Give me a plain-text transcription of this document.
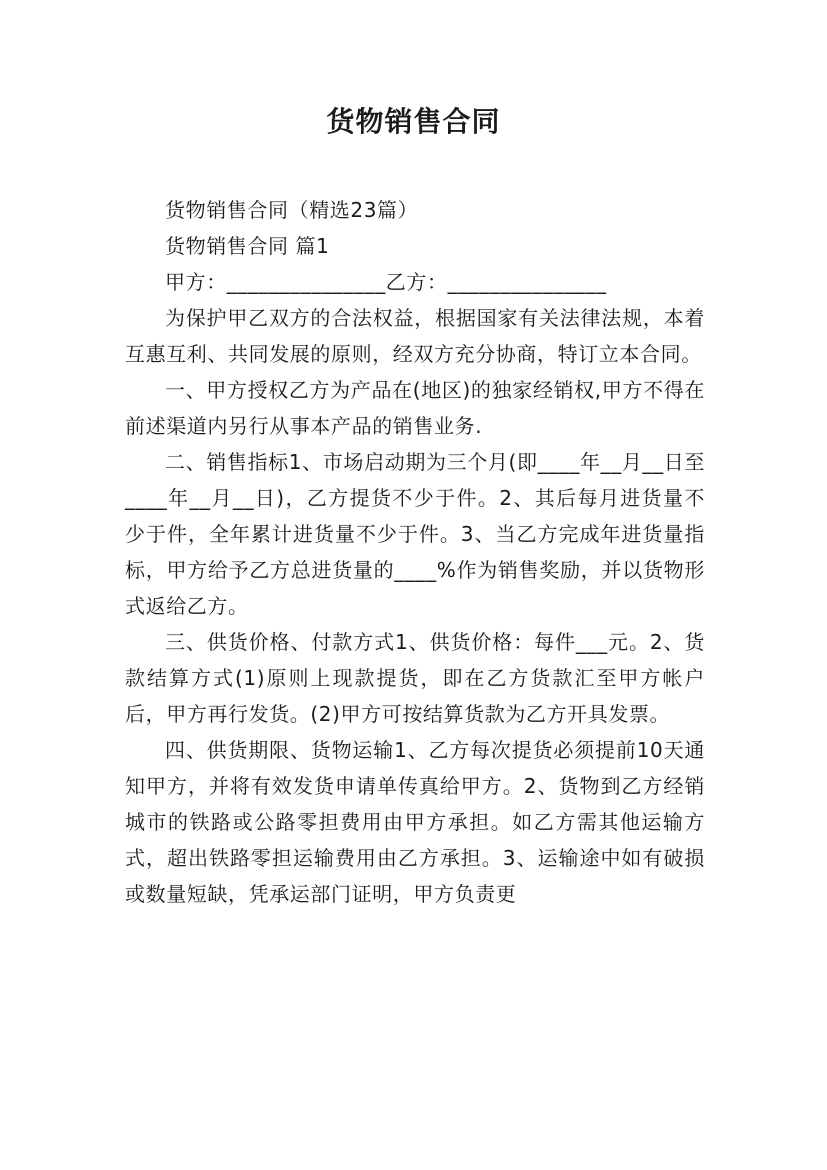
货物销售合同

货物销售合同（精选23篇）

货物销售合同 篇1

甲方：_______________乙方：_______________

为保护甲乙双方的合法权益，根据国家有关法律法规，本着互惠互利、共同发展的原则，经双方充分协商，特订立本合同。

一、甲方授权乙方为产品在(地区)的独家经销权,甲方不得在前述渠道内另行从事本产品的销售业务.

二、销售指标1、市场启动期为三个月(即____年__月__日至____年__月__日)，乙方提货不少于件。2、其后每月进货量不少于件，全年累计进货量不少于件。3、当乙方完成年进货量指标，甲方给予乙方总进货量的____%作为销售奖励，并以货物形式返给乙方。

三、供货价格、付款方式1、供货价格：每件___元。2、货款结算方式(1)原则上现款提货，即在乙方货款汇至甲方帐户后，甲方再行发货。(2)甲方可按结算货款为乙方开具发票。

四、供货期限、货物运输1、乙方每次提货必须提前10天通知甲方，并将有效发货申请单传真给甲方。2、货物到乙方经销城市的铁路或公路零担费用由甲方承担。如乙方需其他运输方式，超出铁路零担运输费用由乙方承担。3、运输途中如有破损或数量短缺，凭承运部门证明，甲方负责更
